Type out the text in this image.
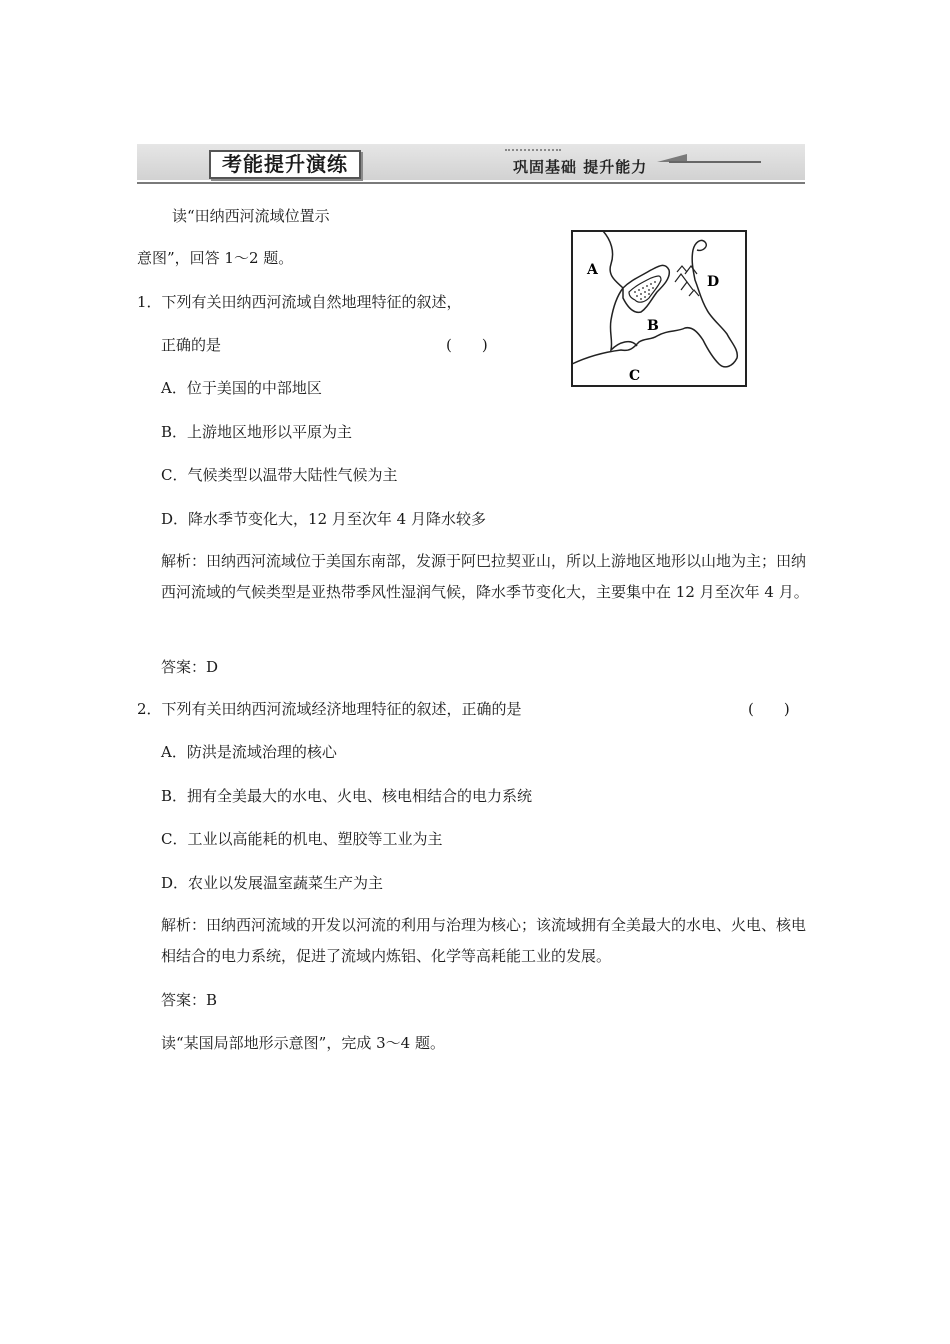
考能提升演练	巩固基础 提升能力
读“田纳西河流域位置示
意图”，回答 1～2 题。
A
B
C
D
1．下列有关田纳西河流域自然地理特征的叙述，
正确的是	(　　)
A．位于美国的中部地区
B．上游地区地形以平原为主
C．气候类型以温带大陆性气候为主
D．降水季节变化大，12 月至次年 4 月降水较多
解析：田纳西河流域位于美国东南部，发源于阿巴拉契亚山，所以上游地区地形以山地为主；田纳西河流域的气候类型是亚热带季风性湿润气候，降水季节变化大，主要集中在 12 月至次年 4 月。
答案：D
2．下列有关田纳西河流域经济地理特征的叙述，正确的是	(　　)
A．防洪是流域治理的核心
B．拥有全美最大的水电、火电、核电相结合的电力系统
C．工业以高能耗的机电、塑胶等工业为主
D．农业以发展温室蔬菜生产为主
解析：田纳西河流域的开发以河流的利用与治理为核心；该流域拥有全美最大的水电、火电、核电相结合的电力系统，促进了流域内炼铝、化学等高耗能工业的发展。
答案：B
读“某国局部地形示意图”，完成 3～4 题。
